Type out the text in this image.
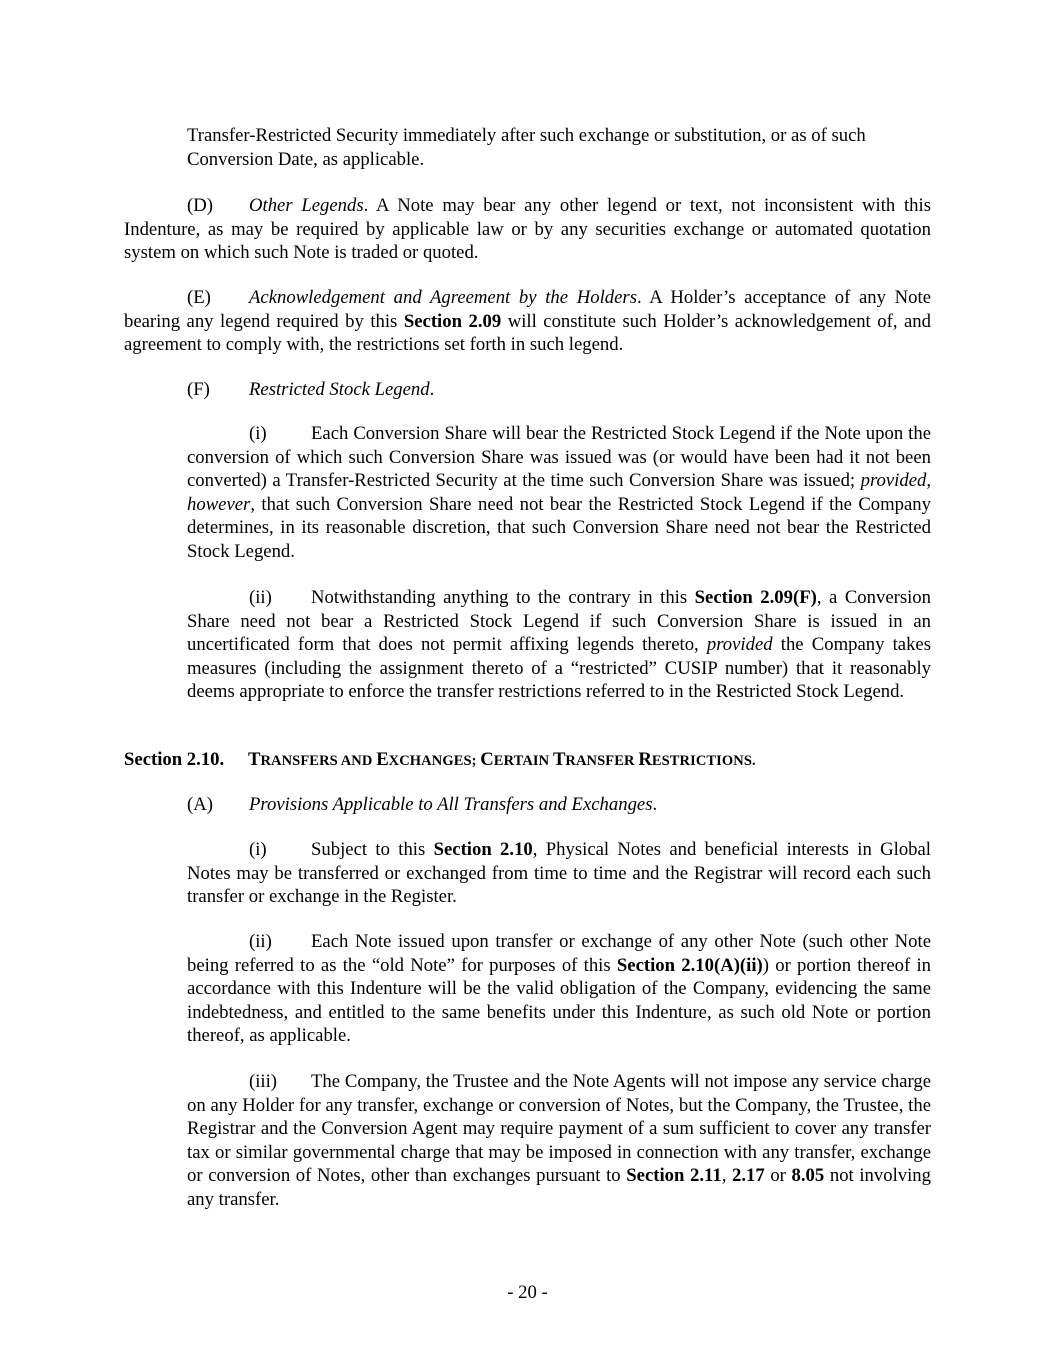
Transfer-Restricted Security immediately after such exchange or substitution, or as of such

Conversion Date, as applicable.

(D) Other Legends. A Note may bear any other legend or text, not inconsistent with this Indenture, as may be required by applicable law or by any securities exchange or automated quotation system on which such Note is traded or quoted.

(E) Acknowledgement and Agreement by the Holders. A Holder’s acceptance of any Note bearing any legend required by this Section 2.09 will constitute such Holder’s acknowledgement of, and agreement to comply with, the restrictions set forth in such legend.

(F) Restricted Stock Legend.

(i) Each Conversion Share will bear the Restricted Stock Legend if the Note upon the conversion of which such Conversion Share was issued was (or would have been had it not been converted) a Transfer-Restricted Security at the time such Conversion Share was issued; provided, however, that such Conversion Share need not bear the Restricted Stock Legend if the Company determines, in its reasonable discretion, that such Conversion Share need not bear the Restricted Stock Legend.

(ii) Notwithstanding anything to the contrary in this Section 2.09(F), a Conversion Share need not bear a Restricted Stock Legend if such Conversion Share is issued in an uncertificated form that does not permit affixing legends thereto, provided the Company takes measures (including the assignment thereto of a “restricted” CUSIP number) that it reasonably deems appropriate to enforce the transfer restrictions referred to in the Restricted Stock Legend.

Section 2.10. TRANSFERS AND EXCHANGES; CERTAIN TRANSFER RESTRICTIONS.

(A) Provisions Applicable to All Transfers and Exchanges.

(i) Subject to this Section 2.10, Physical Notes and beneficial interests in Global Notes may be transferred or exchanged from time to time and the Registrar will record each such transfer or exchange in the Register.

(ii) Each Note issued upon transfer or exchange of any other Note (such other Note being referred to as the “old Note” for purposes of this Section 2.10(A)(ii)) or portion thereof in accordance with this Indenture will be the valid obligation of the Company, evidencing the same indebtedness, and entitled to the same benefits under this Indenture, as such old Note or portion thereof, as applicable.

(iii) The Company, the Trustee and the Note Agents will not impose any service charge on any Holder for any transfer, exchange or conversion of Notes, but the Company, the Trustee, the Registrar and the Conversion Agent may require payment of a sum sufficient to cover any transfer tax or similar governmental charge that may be imposed in connection with any transfer, exchange or conversion of Notes, other than exchanges pursuant to Section 2.11, 2.17 or 8.05 not involving any transfer.

- 20 -
